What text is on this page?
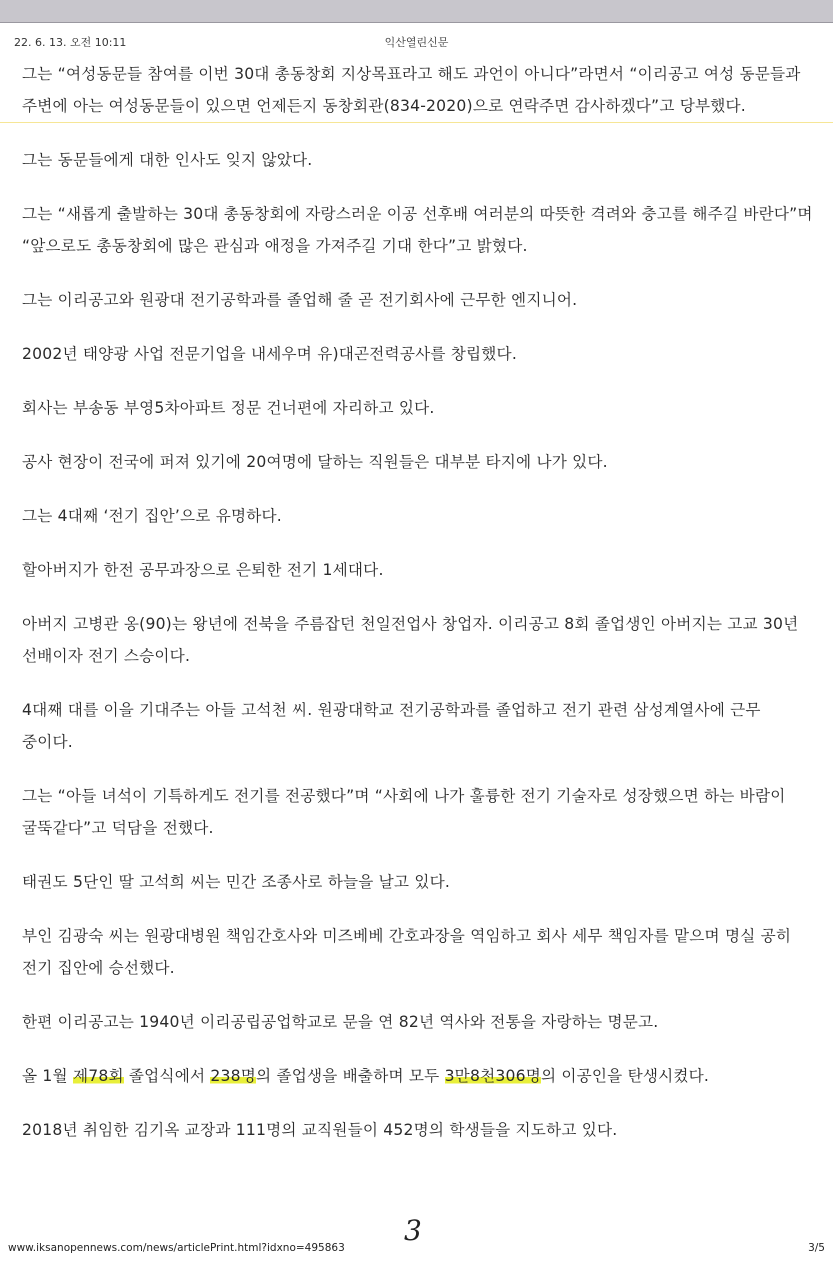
22. 6. 13. 오전 10:11	익산열린신문

그는 “여성동문들 참여를 이번 30대 총동창회 지상목표라고 해도 과언이 아니다”라면서 “이리공고 여성 동문들과 주변에 아는 여성동문들이 있으면 언제든지 동창회관(834-2020)으로 연락주면 감사하겠다”고 당부했다.

그는 동문들에게 대한 인사도 잊지 않았다.

그는 “새롭게 출발하는 30대 총동창회에 자랑스러운 이공 선후배 여러분의 따뜻한 격려와 충고를 해주길 바란다”며 “앞으로도 총동창회에 많은 관심과 애정을 가져주길 기대 한다”고 밝혔다.

그는 이리공고와 원광대 전기공학과를 졸업해 줄 곧 전기회사에 근무한 엔지니어.

2002년 태양광 사업 전문기업을 내세우며 유)대곤전력공사를 창립했다.

회사는 부송동 부영5차아파트 정문 건너편에 자리하고 있다.

공사 현장이 전국에 퍼져 있기에 20여명에 달하는 직원들은 대부분 타지에 나가 있다.

그는 4대째 ‘전기 집안’으로 유명하다.

할아버지가 한전 공무과장으로 은퇴한 전기 1세대다.

아버지 고병관 옹(90)는 왕년에 전북을 주름잡던 천일전업사 창업자. 이리공고 8회 졸업생인 아버지는 고교 30년 선배이자 전기 스승이다.

4대째 대를 이을 기대주는 아들 고석천 씨. 원광대학교 전기공학과를 졸업하고 전기 관련 삼성계열사에 근무 중이다.

그는 “아들 녀석이 기특하게도 전기를 전공했다”며 “사회에 나가 훌륭한 전기 기술자로 성장했으면 하는 바람이 굴뚝같다”고 덕담을 전했다.

태권도 5단인 딸 고석희 씨는 민간 조종사로 하늘을 날고 있다.

부인 김광숙 씨는 원광대병원 책임간호사와 미즈베베 간호과장을 역임하고 회사 세무 책임자를 맡으며 명실 공히 전기 집안에 승선했다.

한편 이리공고는 1940년 이리공립공업학교로 문을 연 82년 역사와 전통을 자랑하는 명문고.

올 1월 제78회 졸업식에서 238명의 졸업생을 배출하며 모두 3만8천306명의 이공인을 탄생시켰다.

2018년 취임한 김기옥 교장과 111명의 교직원들이 452명의 학생들을 지도하고 있다.

3
www.iksanopennews.com/news/articlePrint.html?idxno=495863	3/5
